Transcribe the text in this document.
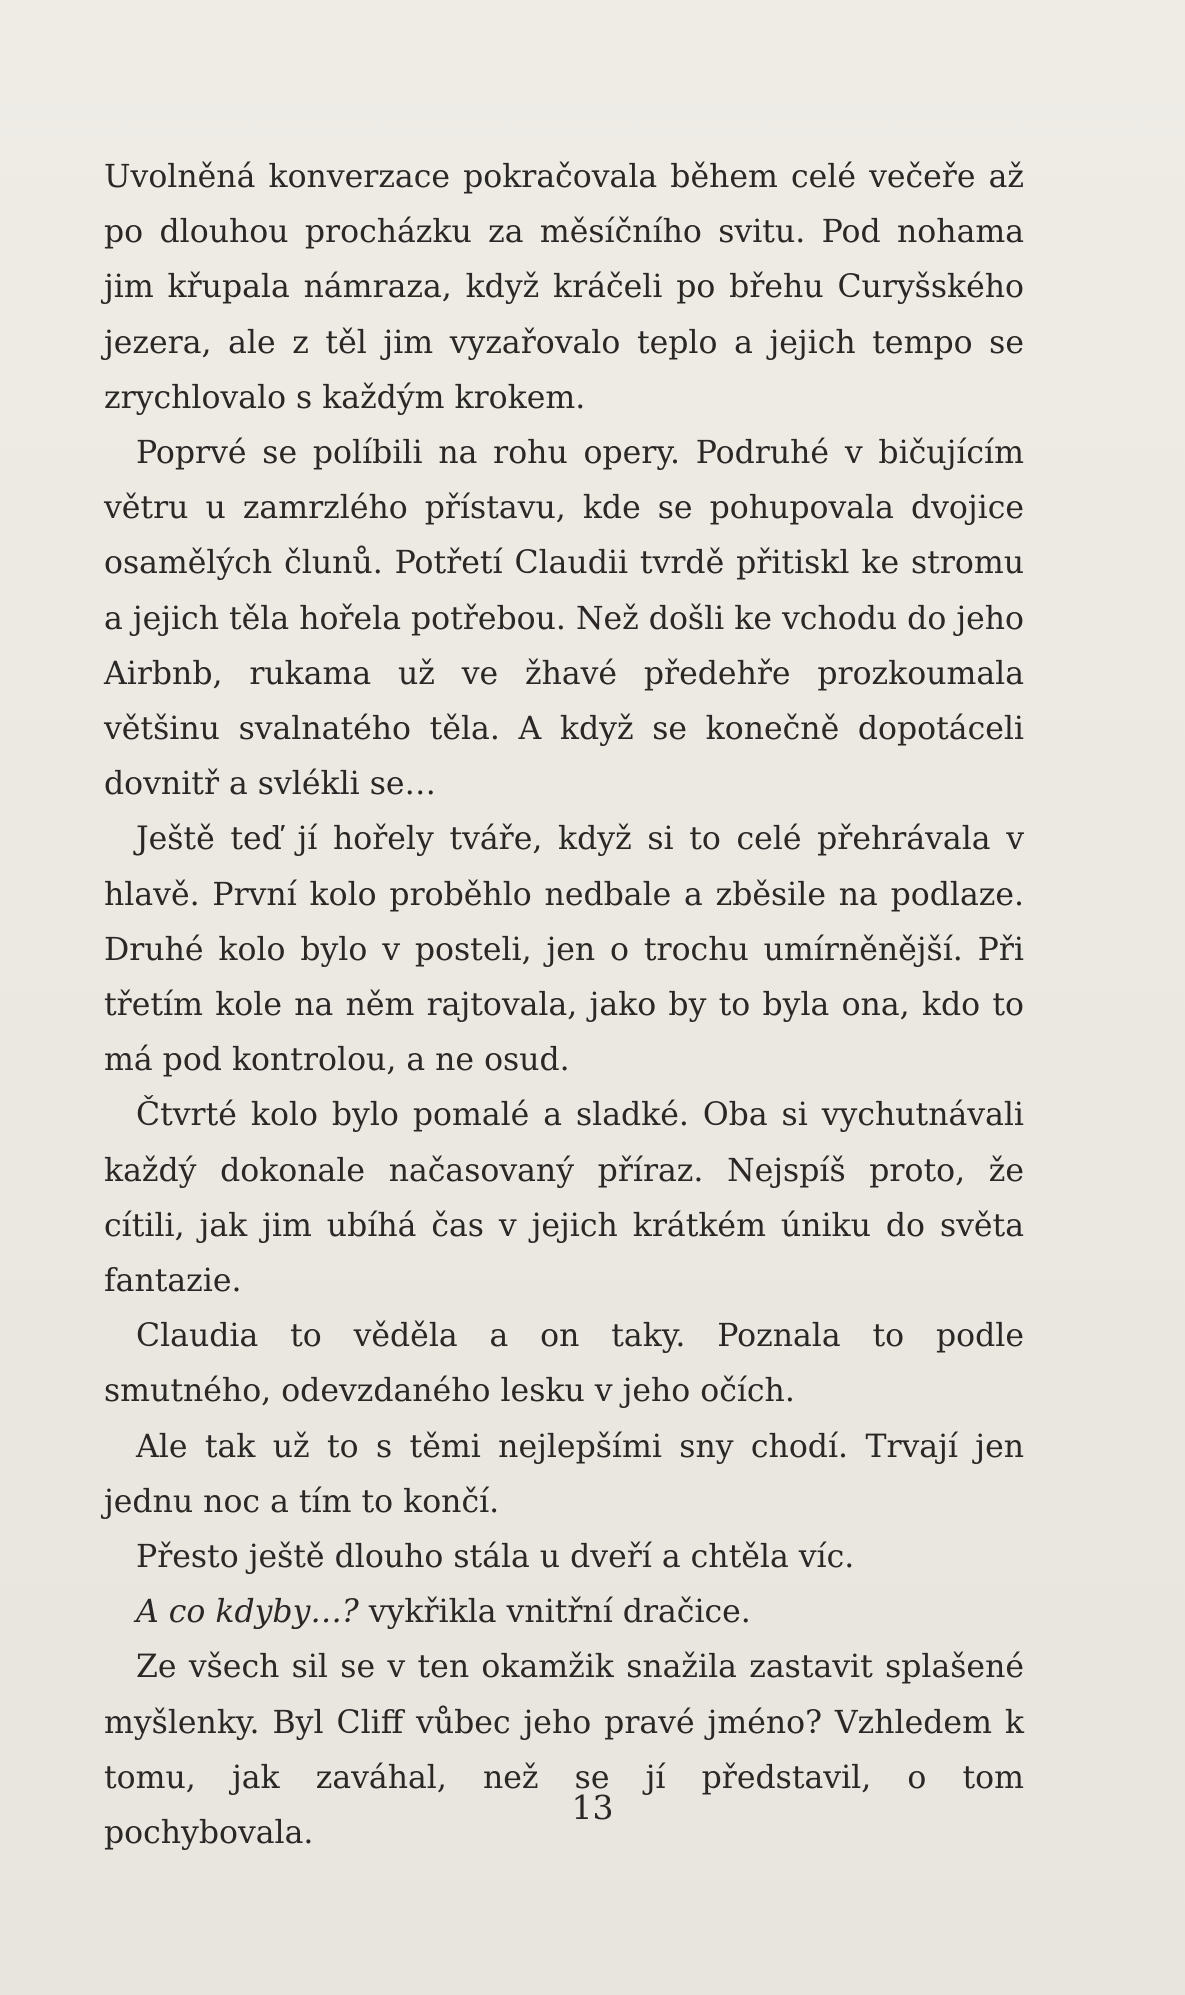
Uvolněná konverzace pokračovala během celé večeře až po dlouhou procházku za měsíčního svitu. Pod nohama jim křupala námraza, když kráčeli po břehu Curyšského jezera, ale z těl jim vyzařovalo teplo a jejich tempo se zrychlovalo s každým krokem.

Poprvé se políbili na rohu opery. Podruhé v bičujícím větru u zamrzlého přístavu, kde se pohupovala dvojice osamělých člunů. Potřetí Claudii tvrdě přitiskl ke stromu a jejich těla hořela potřebou. Než došli ke vchodu do jeho Airbnb, rukama už ve žhavé předehře prozkoumala většinu svalnatého těla. A když se konečně dopotáceli dovnitř a svlékli se…

Ještě teď jí hořely tváře, když si to celé přehrávala v hlavě. První kolo proběhlo nedbale a zběsile na podlaze. Druhé kolo bylo v posteli, jen o trochu umírněnější. Při třetím kole na něm rajtovala, jako by to byla ona, kdo to má pod kontrolou, a ne osud.

Čtvrté kolo bylo pomalé a sladké. Oba si vychutnávali každý dokonale načasovaný příraz. Nejspíš proto, že cítili, jak jim ubíhá čas v jejich krátkém úniku do světa fantazie.

Claudia to věděla a on taky. Poznala to podle smutného, odevzdaného lesku v jeho očích.

Ale tak už to s těmi nejlepšími sny chodí. Trvají jen jednu noc a tím to končí.

Přesto ještě dlouho stála u dveří a chtěla víc.

A co kdyby…? vykřikla vnitřní dračice.

Ze všech sil se v ten okamžik snažila zastavit splašené myšlenky. Byl Cliff vůbec jeho pravé jméno? Vzhledem k tomu, jak zaváhal, než se jí představil, o tom pochybovala.

13
